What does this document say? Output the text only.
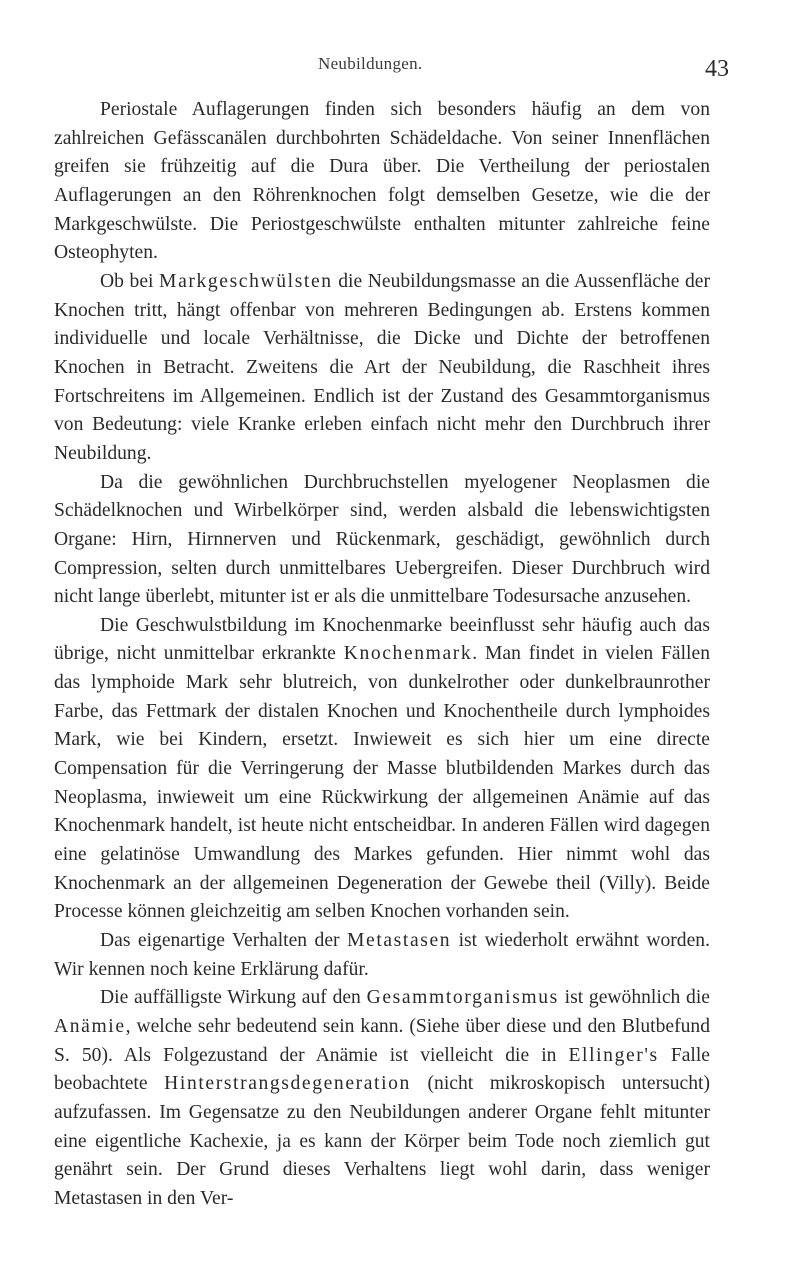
Neubildungen.	43

Periostale Auflagerungen finden sich besonders häufig an dem von zahlreichen Gefässcanälen durchbohrten Schädeldache. Von seiner Innenflächen greifen sie frühzeitig auf die Dura über. Die Vertheilung der periostalen Auflagerungen an den Röhrenknochen folgt demselben Gesetze, wie die der Markgeschwülste. Die Periostgeschwülste enthalten mitunter zahlreiche feine Osteophyten.

Ob bei Markgeschwülsten die Neubildungsmasse an die Aussenfläche der Knochen tritt, hängt offenbar von mehreren Bedingungen ab. Erstens kommen individuelle und locale Verhältnisse, die Dicke und Dichte der betroffenen Knochen in Betracht. Zweitens die Art der Neubildung, die Raschheit ihres Fortschreitens im Allgemeinen. Endlich ist der Zustand des Gesammtorganismus von Bedeutung: viele Kranke erleben einfach nicht mehr den Durchbruch ihrer Neubildung.

Da die gewöhnlichen Durchbruchstellen myelogener Neoplasmen die Schädelknochen und Wirbelkörper sind, werden alsbald die lebenswichtigsten Organe: Hirn, Hirnnerven und Rückenmark, geschädigt, gewöhnlich durch Compression, selten durch unmittelbares Uebergreifen. Dieser Durchbruch wird nicht lange überlebt, mitunter ist er als die unmittelbare Todesursache anzusehen.

Die Geschwulstbildung im Knochenmarke beeinflusst sehr häufig auch das übrige, nicht unmittelbar erkrankte Knochenmark. Man findet in vielen Fällen das lymphoide Mark sehr blutreich, von dunkelrother oder dunkelbraunrother Farbe, das Fettmark der distalen Knochen und Knochentheile durch lymphoides Mark, wie bei Kindern, ersetzt. Inwieweit es sich hier um eine directe Compensation für die Verringerung der Masse blutbildenden Markes durch das Neoplasma, inwieweit um eine Rückwirkung der allgemeinen Anämie auf das Knochenmark handelt, ist heute nicht entscheidbar. In anderen Fällen wird dagegen eine gelatinöse Umwandlung des Markes gefunden. Hier nimmt wohl das Knochenmark an der allgemeinen Degeneration der Gewebe theil (Villy). Beide Processe können gleichzeitig am selben Knochen vorhanden sein.

Das eigenartige Verhalten der Metastasen ist wiederholt erwähnt worden. Wir kennen noch keine Erklärung dafür.

Die auffälligste Wirkung auf den Gesammtorganismus ist gewöhnlich die Anämie, welche sehr bedeutend sein kann. (Siehe über diese und den Blutbefund S. 50). Als Folgezustand der Anämie ist vielleicht die in Ellinger's Falle beobachtete Hinterstrangsdegeneration (nicht mikroskopisch untersucht) aufzufassen. Im Gegensatze zu den Neubildungen anderer Organe fehlt mitunter eine eigentliche Kachexie, ja es kann der Körper beim Tode noch ziemlich gut genährt sein. Der Grund dieses Verhaltens liegt wohl darin, dass weniger Metastasen in den Ver-
